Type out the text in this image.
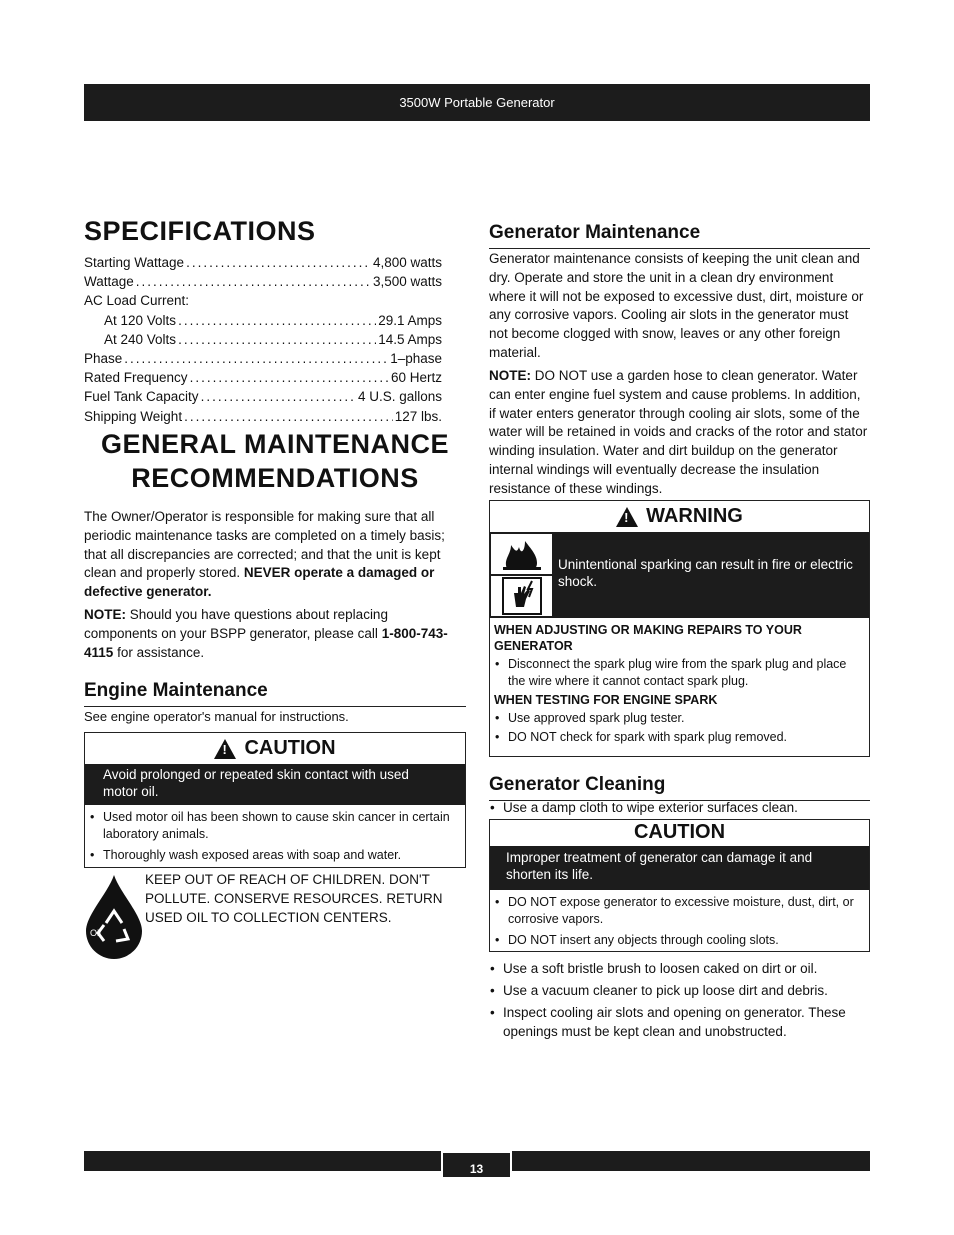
3500W Portable Generator
SPECIFICATIONS
Starting Wattage .....	4,800 watts
Wattage .....	3,500 watts
AC Load Current:
At 120 Volts .....	29.1 Amps
At 240 Volts .....	14.5 Amps
Phase .....	1–phase
Rated Frequency .....	60 Hertz
Fuel Tank Capacity .....	4 U.S. gallons
Shipping Weight .....	127 lbs.
GENERAL MAINTENANCE
RECOMMENDATIONS

The Owner/Operator is responsible for making sure that all periodic maintenance tasks are completed on a timely basis; that all discrepancies are corrected; and that the unit is kept clean and properly stored. NEVER operate a damaged or defective generator.

NOTE: Should you have questions about replacing components on your BSPP generator, please call 1-800-743-4115 for assistance.

Engine Maintenance

See engine operator's manual for instructions.

!
CAUTION
Avoid prolonged or repeated skin contact with used motor oil.
• Used motor oil has been shown to cause skin cancer in certain laboratory animals.
• Thoroughly wash exposed areas with soap and water.
Oil

KEEP OUT OF REACH OF CHILDREN. DON'T POLLUTE. CONSERVE RESOURCES. RETURN USED OIL TO COLLECTION CENTERS.

Generator Maintenance

Generator maintenance consists of keeping the unit clean and dry. Operate and store the unit in a clean dry environment where it will not be exposed to excessive dust, dirt, moisture or any corrosive vapors. Cooling air slots in the generator must not become clogged with snow, leaves or any other foreign material.

NOTE: DO NOT use a garden hose to clean generator. Water can enter engine fuel system and cause problems. In addition, if water enters generator through cooling air slots, some of the water will be retained in voids and cracks of the rotor and stator winding insulation. Water and dirt buildup on the generator internal windings will eventually decrease the insulation resistance of these windings.

!
WARNING
Unintentional sparking can result in fire or electric shock.
WHEN ADJUSTING OR MAKING REPAIRS TO YOUR GENERATOR
• Disconnect the spark plug wire from the spark plug and place the wire where it cannot contact spark plug.
WHEN TESTING FOR ENGINE SPARK
• Use approved spark plug tester.
• DO NOT check for spark with spark plug removed.
Generator Cleaning
• Use a damp cloth to wipe exterior surfaces clean.
CAUTION
Improper treatment of generator can damage it and shorten its life.
• DO NOT expose generator to excessive moisture, dust, dirt, or corrosive vapors.
• DO NOT insert any objects through cooling slots.
• Use a soft bristle brush to loosen caked on dirt or oil.
• Use a vacuum cleaner to pick up loose dirt and debris.
• Inspect cooling air slots and opening on generator. These openings must be kept clean and unobstructed.
13
